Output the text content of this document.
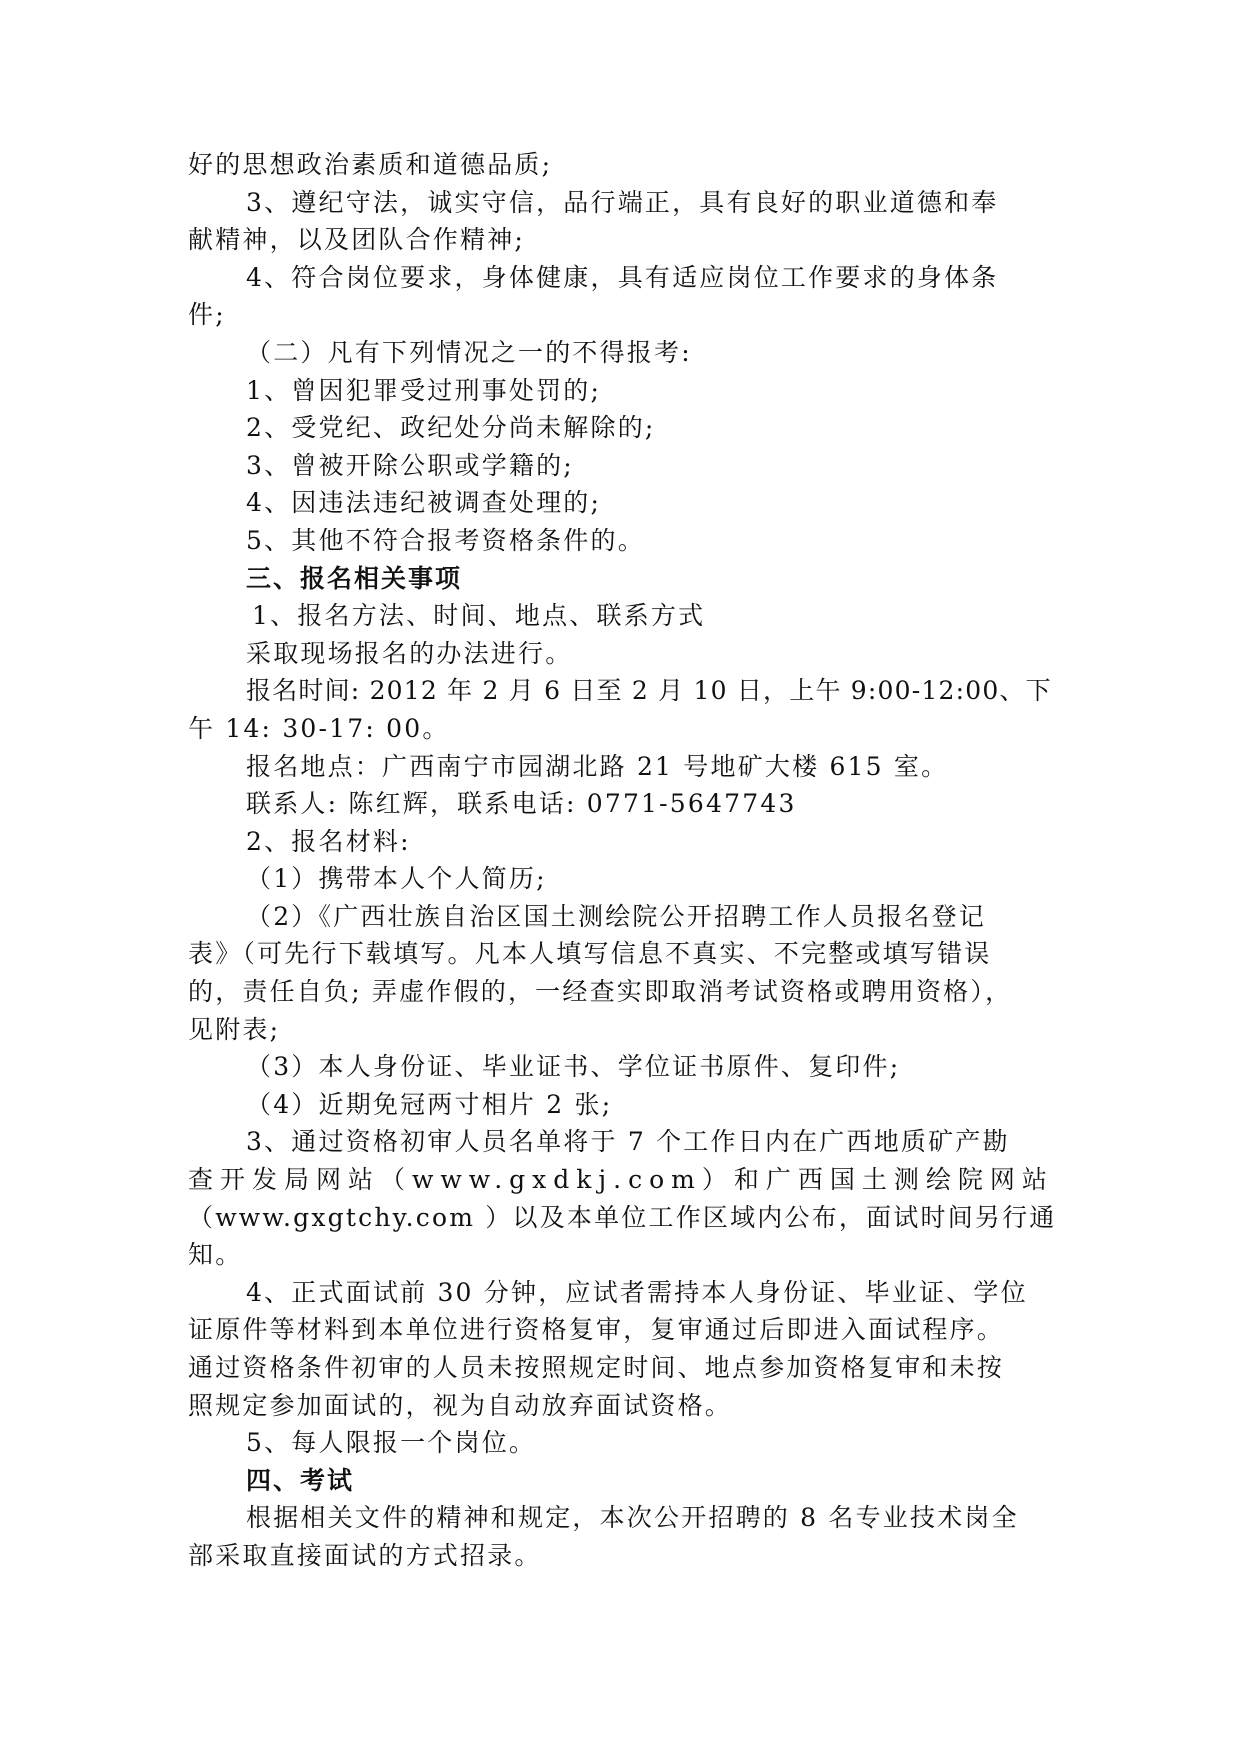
好的思想政治素质和道德品质;
3、遵纪守法，诚实守信，品行端正，具有良好的职业道德和奉
献精神，以及团队合作精神;
4、符合岗位要求，身体健康，具有适应岗位工作要求的身体条
件;
（二）凡有下列情况之一的不得报考:
1、曾因犯罪受过刑事处罚的;
2、受党纪、政纪处分尚未解除的;
3、曾被开除公职或学籍的;
4、因违法违纪被调查处理的;
5、其他不符合报考资格条件的。
三、报名相关事项
1、报名方法、时间、地点、联系方式
采取现场报名的办法进行。
报名时间: 2012 年 2 月 6 日至 2 月 10 日，上午 9:00-12:00、下
午 14: 30-17: 00。
报名地点：广西南宁市园湖北路 21 号地矿大楼 615 室。
联系人: 陈红辉，联系电话: 0771-5647743
2、报名材料:
（1）携带本人个人简历;
（2）《广西壮族自治区国土测绘院公开招聘工作人员报名登记
表》（可先行下载填写。凡本人填写信息不真实、不完整或填写错误
的，责任自负; 弄虚作假的，一经查实即取消考试资格或聘用资格），
见附表;
（3）本人身份证、毕业证书、学位证书原件、复印件;
（4）近期免冠两寸相片 2 张;
3、通过资格初审人员名单将于 7 个工作日内在广西地质矿产勘
查开发局网站（www.gxdkj.com）和广西国土测绘院网站
（www.gxgtchy.com ）以及本单位工作区域内公布，面试时间另行通
知。
4、正式面试前 30 分钟，应试者需持本人身份证、毕业证、学位
证原件等材料到本单位进行资格复审，复审通过后即进入面试程序。
通过资格条件初审的人员未按照规定时间、地点参加资格复审和未按
照规定参加面试的，视为自动放弃面试资格。
5、每人限报一个岗位。
四、考试
根据相关文件的精神和规定，本次公开招聘的 8 名专业技术岗全
部采取直接面试的方式招录。
